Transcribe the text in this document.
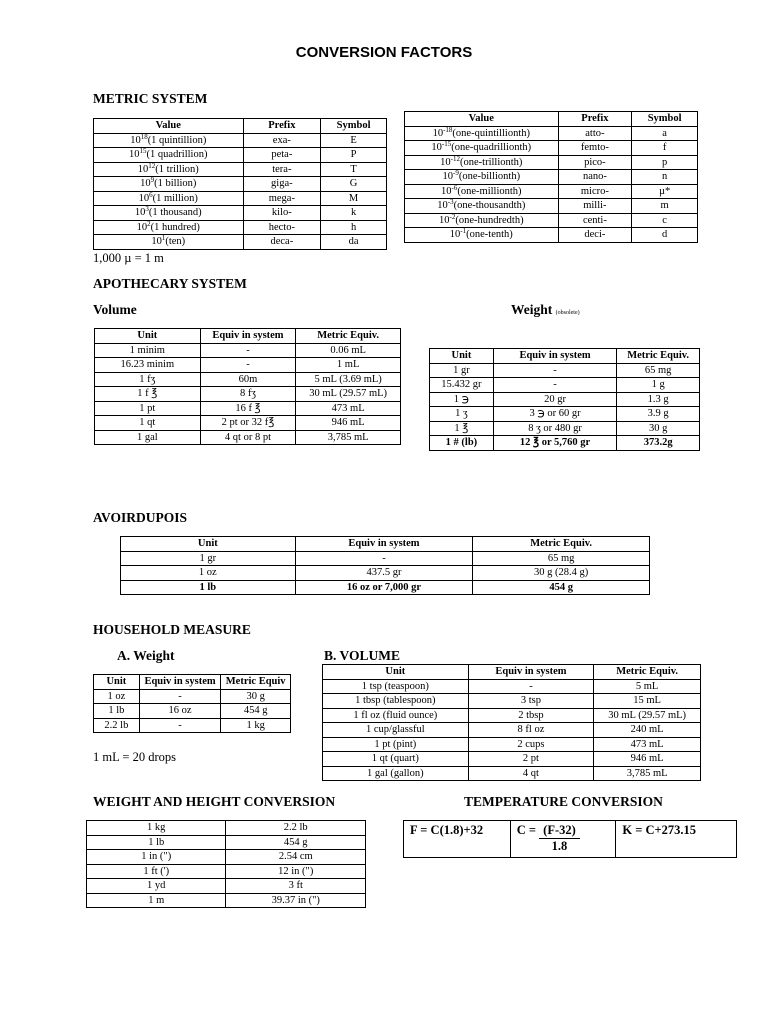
CONVERSION FACTORS
METRIC SYSTEM
Value	Prefix	Symbol
$10^{18}(1$ quintillion)	exa-	E
$10^{15}(1$ quadrillion)	peta-	P
$10^{12}(1$ trillion)	tera-	T
$10^9(1$ billion)	giga-	G
$10^6(1$ million)	mega-	M
$10^3(1$ thousand)	kilo-	k
$10^2(1$ hundred)	hecto-	h
$10^1(ten)$	deca-	da
Value	Prefix	Symbol
$10^{-18}(one-quintillionth)$	atto-	a
$10^{-15}(one-quadrillionth)$	femto-	f
$10^{-12}(one-trillionth)$	pico-	p
$10^{-9}(one-billionth)$	nano-	n
$10^{-6}(one-millionth)$	micro-	µ*
$10^{-3}(one-thousandth)$	milli-	m
$10^{-2}(one-hundredth)$	centi-	c
$10^{-1}(one-tenth)$	deci-	d
1,000 µ = 1 m
APOTHECARY SYSTEM
Volume	Weight (obsolete)
Unit	Equiv in system	Metric Equiv.
1 minim	-	0.06 mL
16.23 minim	-	1 mL
1 fʒ	60m	5 mL (3.69 mL)
1 f ℥	8 fʒ	30 mL (29.57 mL)
1 pt	16 f ℥	473 mL
1 qt	2 pt or 32 f℥	946 mL
1 gal	4 qt or 8 pt	3,785 mL
Unit	Equiv in system	Metric Equiv.
1 gr	-	65 mg
15.432 gr	-	1 g
1 ℈	20 gr	1.3 g
1 ʒ	3 ℈ or 60 gr	3.9 g
1 ℥	8 ʒ or 480 gr	30 g
1 # (lb)	12 ℥ or 5,760 gr	373.2g
AVOIRDUPOIS
Unit	Equiv in system	Metric Equiv.
1 gr	-	65 mg
1 oz	437.5 gr	30 g (28.4 g)
1 lb	16 oz or 7,000 gr	454 g
HOUSEHOLD MEASURE
A. Weight	B. VOLUME
Unit	Equiv in system	Metric Equiv
1 oz	-	30 g
1 lb	16 oz	454 g
2.2 lb	-	1 kg
1 mL = 20 drops
Unit	Equiv in system	Metric Equiv.
1 tsp (teaspoon)	-	5 mL
1 tbsp (tablespoon)	3 tsp	15 mL
1 fl oz (fluid ounce)	2 tbsp	30 mL (29.57 mL)
1 cup/glassful	8 fl oz	240 mL
1 pt (pint)	2 cups	473 mL
1 qt (quart)	2 pt	946 mL
1 gal (gallon)	4 qt	3,785 mL
WEIGHT AND HEIGHT CONVERSION
1 kg	2.2 lb
1 lb	454 g
1 in (")	2.54 cm
1 ft (')	12 in (")
1 yd	3 ft
1 m	39.37 in (")
TEMPERATURE CONVERSION
F = C(1.8)+32	$C = \frac{(F-32)}{1.8}$	K = C+273.15
